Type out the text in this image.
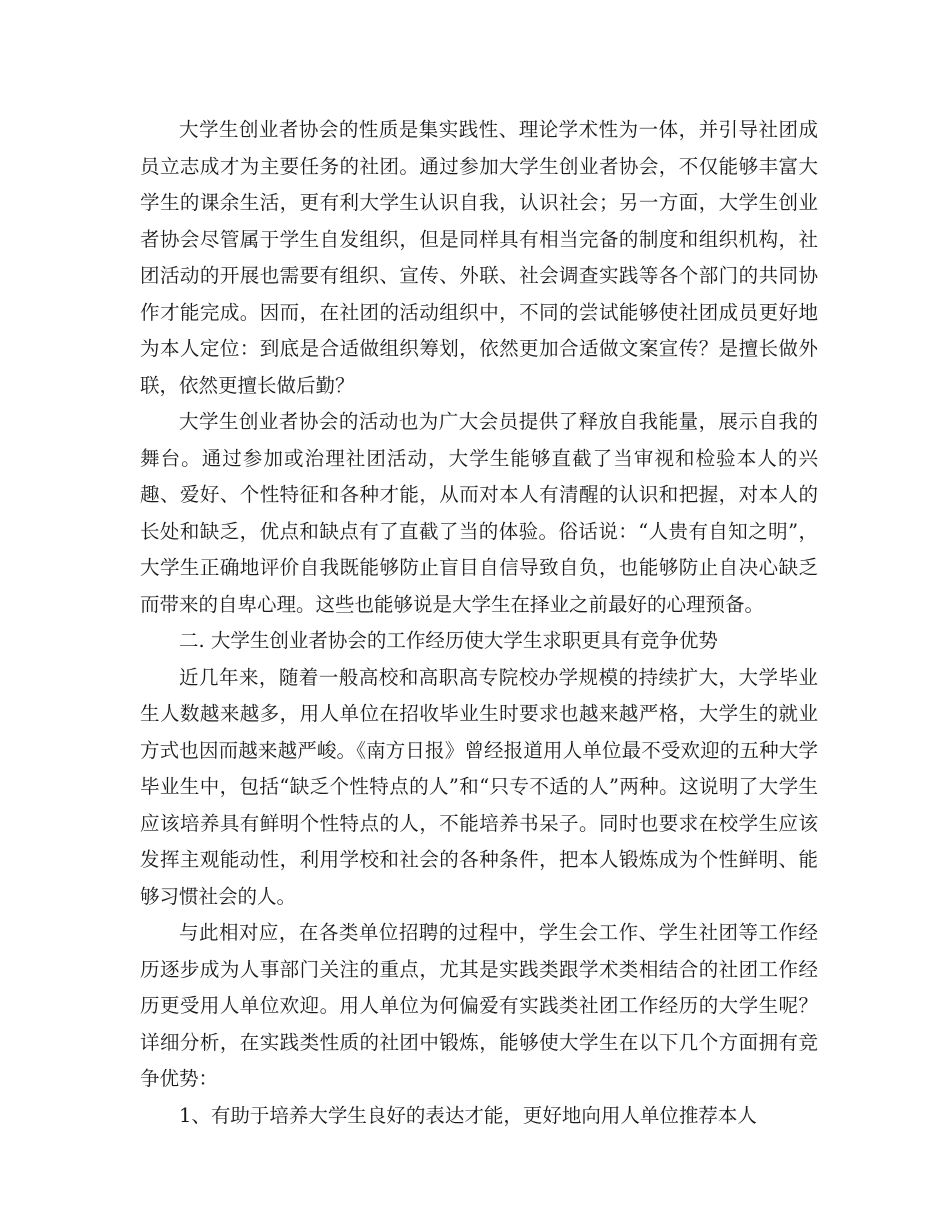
大学生创业者协会的性质是集实践性、理论学术性为一体，并引导社团成员立志成才为主要任务的社团。通过参加大学生创业者协会，不仅能够丰富大学生的课余生活，更有利大学生认识自我，认识社会；另一方面，大学生创业者协会尽管属于学生自发组织，但是同样具有相当完备的制度和组织机构，社团活动的开展也需要有组织、宣传、外联、社会调查实践等各个部门的共同协作才能完成。因而，在社团的活动组织中，不同的尝试能够使社团成员更好地为本人定位：到底是合适做组织筹划，依然更加合适做文案宣传？是擅长做外联，依然更擅长做后勤？

大学生创业者协会的活动也为广大会员提供了释放自我能量，展示自我的舞台。通过参加或治理社团活动，大学生能够直截了当审视和检验本人的兴趣、爱好、个性特征和各种才能，从而对本人有清醒的认识和把握，对本人的长处和缺乏，优点和缺点有了直截了当的体验。俗话说：“人贵有自知之明”，大学生正确地评价自我既能够防止盲目自信导致自负，也能够防止自决心缺乏而带来的自卑心理。这些也能够说是大学生在择业之前最好的心理预备。

二. 大学生创业者协会的工作经历使大学生求职更具有竞争优势

近几年来，随着一般高校和高职高专院校办学规模的持续扩大，大学毕业生人数越来越多，用人单位在招收毕业生时要求也越来越严格，大学生的就业方式也因而越来越严峻。《南方日报》曾经报道用人单位最不受欢迎的五种大学毕业生中，包括“缺乏个性特点的人”和“只专不适的人”两种。这说明了大学生应该培养具有鲜明个性特点的人，不能培养书呆子。同时也要求在校学生应该发挥主观能动性，利用学校和社会的各种条件，把本人锻炼成为个性鲜明、能够习惯社会的人。

与此相对应，在各类单位招聘的过程中，学生会工作、学生社团等工作经历逐步成为人事部门关注的重点，尤其是实践类跟学术类相结合的社团工作经历更受用人单位欢迎。用人单位为何偏爱有实践类社团工作经历的大学生呢？详细分析，在实践类性质的社团中锻炼，能够使大学生在以下几个方面拥有竞争优势：

1、有助于培养大学生良好的表达才能，更好地向用人单位推荐本人
